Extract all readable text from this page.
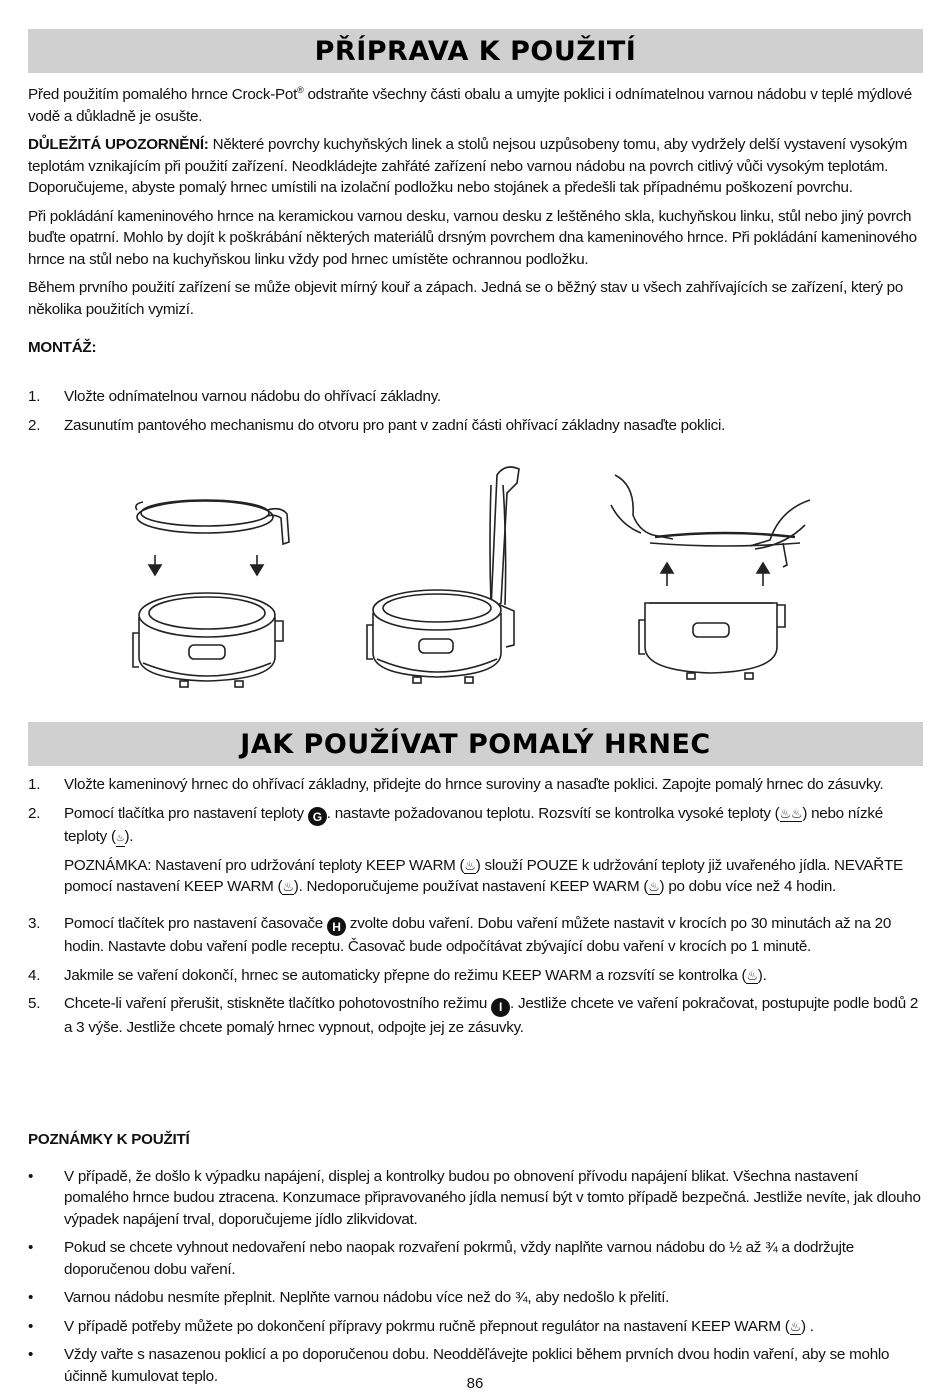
PŘÍPRAVA K POUŽITÍ

Před použitím pomalého hrnce Crock-Pot® odstraňte všechny části obalu a umyjte poklici i odnímatelnou varnou nádobu v teplé mýdlové vodě a důkladně je osušte.

DŮLEŽITÁ UPOZORNĚNÍ: Některé povrchy kuchyňských linek a stolů nejsou uzpůsobeny tomu, aby vydržely delší vystavení vysokým teplotám vznikajícím při použití zařízení. Neodkládejte zahřáté zařízení nebo varnou nádobu na povrch citlivý vůči vysokým teplotám. Doporučujeme, abyste pomalý hrnec umístili na izolační podložku nebo stojánek a předešli tak případnému poškození povrchu.

Při pokládání kameninového hrnce na keramickou varnou desku, varnou desku z leštěného skla, kuchyňskou linku, stůl nebo jiný povrch buďte opatrní. Mohlo by dojít k poškrábání některých materiálů drsným povrchem dna kameninového hrnce. Při pokládání kameninového hrnce na stůl nebo na kuchyňskou linku vždy pod hrnec umístěte ochrannou podložku.

Během prvního použití zařízení se může objevit mírný kouř a zápach. Jedná se o běžný stav u všech zahřívajících se zařízení, který po několika použitích vymizí.

MONTÁŽ:

1. Vložte odnímatelnou varnou nádobu do ohřívací základny.

2. Zasunutím pantového mechanismu do otvoru pro pant v zadní části ohřívací základny nasaďte poklici.

JAK POUŽÍVAT POMALÝ HRNEC

1. Vložte kameninový hrnec do ohřívací základny, přidejte do hrnce suroviny a nasaďte poklici. Zapojte pomalý hrnec do zásuvky.

2. Pomocí tlačítka pro nastavení teploty G . nastavte požadovanou teplotu. Rozsvítí se kontrolka vysoké teploty (♨♨) nebo nízké teploty (♨).

POZNÁMKA: Nastavení pro udržování teploty KEEP WARM (♨) slouží POUZE k udržování teploty již uvařeného jídla. NEVAŘTE pomocí nastavení KEEP WARM (♨). Nedoporučujeme používat nastavení KEEP WARM (♨) po dobu více než 4 hodin.

3. Pomocí tlačítek pro nastavení časovače H zvolte dobu vaření. Dobu vaření můžete nastavit v krocích po 30 minutách až na 20 hodin. Nastavte dobu vaření podle receptu. Časovač bude odpočítávat zbývající dobu vaření v krocích po 1 minutě.

4. Jakmile se vaření dokončí, hrnec se automaticky přepne do režimu KEEP WARM a rozsvítí se kontrolka (♨).

5. Chcete-li vaření přerušit, stiskněte tlačítko pohotovostního režimu I . Jestliže chcete ve vaření pokračovat, postupujte podle bodů 2 a 3 výše. Jestliže chcete pomalý hrnec vypnout, odpojte jej ze zásuvky.

POZNÁMKY K POUŽITÍ

• V případě, že došlo k výpadku napájení, displej a kontrolky budou po obnovení přívodu napájení blikat. Všechna nastavení pomalého hrnce budou ztracena. Konzumace připravovaného jídla nemusí být v tomto případě bezpečná. Jestliže nevíte, jak dlouho výpadek napájení trval, doporučujeme jídlo zlikvidovat.

• Pokud se chcete vyhnout nedovaření nebo naopak rozvaření pokrmů, vždy naplňte varnou nádobu do ½ až ¾ a dodržujte doporučenou dobu vaření.

• Varnou nádobu nesmíte přeplnit. Neplňte varnou nádobu více než do ¾, aby nedošlo k přelití.

• V případě potřeby můžete po dokončení přípravy pokrmu ručně přepnout regulátor na nastavení KEEP WARM (♨) .

• Vždy vařte s nasazenou poklicí a po doporučenou dobu. Neodděľávejte poklici během prvních dvou hodin vaření, aby se mohlo účinně kumulovat teplo.	86
